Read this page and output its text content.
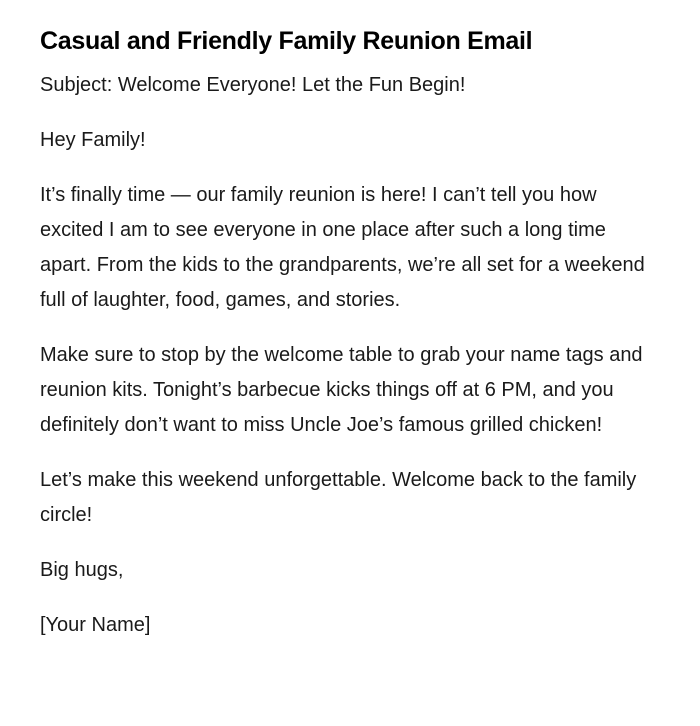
Casual and Friendly Family Reunion Email

Subject: Welcome Everyone! Let the Fun Begin!

Hey Family!

It’s finally time — our family reunion is here! I can’t tell you how excited I am to see everyone in one place after such a long time apart. From the kids to the grandparents, we’re all set for a weekend full of laughter, food, games, and stories.

Make sure to stop by the welcome table to grab your name tags and reunion kits. Tonight’s barbecue kicks things off at 6 PM, and you definitely don’t want to miss Uncle Joe’s famous grilled chicken!

Let’s make this weekend unforgettable. Welcome back to the family circle!

Big hugs,

[Your Name]
